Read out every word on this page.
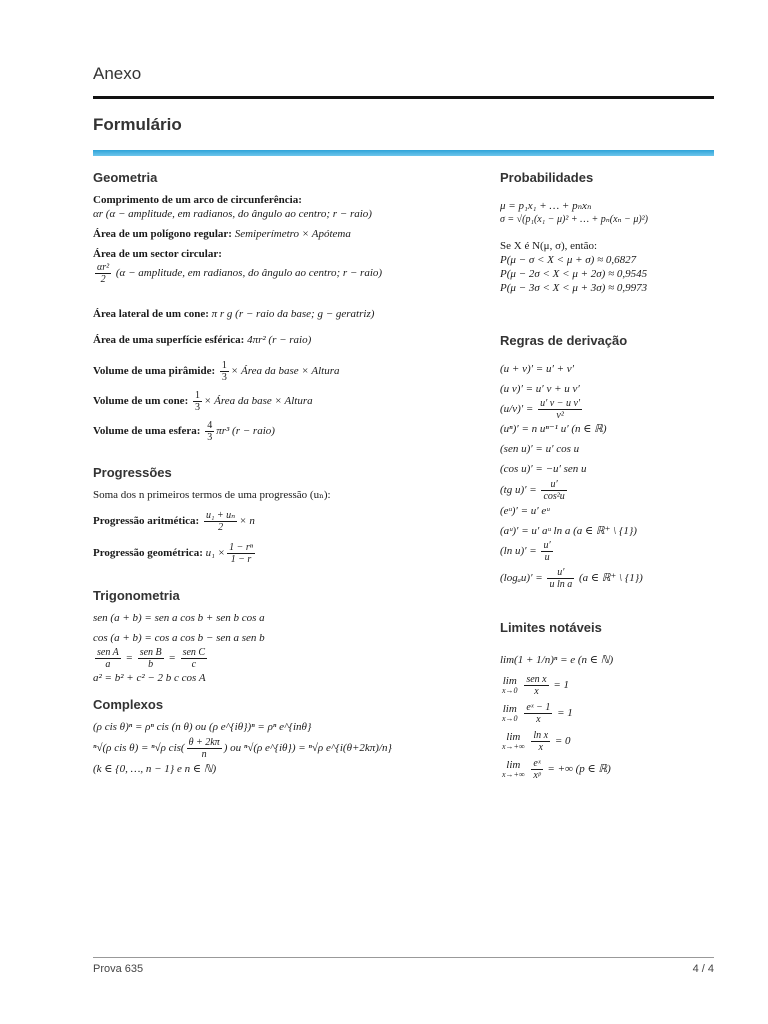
Anexo
Formulário

Geometria

Comprimento de um arco de circunferência:

αr (α − amplitude, em radianos, do ângulo ao centro; r − raio)

Área de um polígono regular: Semiperímetro × Apótema

Área de um sector circular:

$\frac{\text{αr²}}{2} (\alpha$ − amplitude, em radianos, do ângulo ao centro; r − raio)

Área lateral de um cone: π r g (r − raio da base; g − geratriz)

Área de uma superfície esférica: 4πr² (r − raio)

Volume de uma pirâmide: $\frac{1}{3}$ × Área da base × Altura

Volume de um cone: $\frac{1}{3}$ × Área da base × Altura

Volume de uma esfera: $\frac{4}{3} \pi r^3$ (r − raio)

Progressões

Soma dos n primeiros termos de uma progressão (uₙ):

Progressão aritmética: $\frac{\text{u₁ + uₙ}}{2} \times n$

Progressão geométrica: $u_1 \times \frac{\text{1 − rⁿ}}{1 - r}$

Trigonometria

sen (a + b) = sen a cos b + sen b cos a

cos (a + b) = cos a cos b − sen a sen b

$\frac{\text{sen A}}{a} = \frac{\text{sen B}}{b} = \frac{\text{sen C}}{c}$

a² = b² + c² − 2 b c cos A

Complexos

(ρ cis θ)ⁿ = ρⁿ cis (n θ) ou (ρ e^{iθ})ⁿ = ρⁿ e^{inθ}

ⁿ√(ρ cis θ) = ⁿ√ρ $cis( \frac{\theta + 2k\pi}{n}$ ) ou ⁿ√(ρ e^{iθ}) = ⁿ√ρ e^{i(θ+2kπ)/n}

(k ∈ {0, …, n − 1} e n ∈ ℕ)

Probabilidades

μ = p₁x₁ + … + pₙxₙ

σ = √(p₁(x₁ − μ)² + … + pₙ(xₙ − μ)²)

Se X é N(μ, σ), então:

P(μ − σ < X < μ + σ) ≈ 0,6827

P(μ − 2σ < X < μ + 2σ) ≈ 0,9545

P(μ − 3σ < X < μ + 3σ) ≈ 0,9973

Regras de derivação

(u + v)′ = u′ + v′

(u v)′ = u′ v + u v′

$(u/v)' = \frac{\text{u′ v − u v′}}{\text{v²}}$

(uⁿ)′ = n uⁿ⁻¹ u′ (n ∈ ℝ)

(sen u)′ = u′ cos u

(cos u)′ = −u′ sen u

(tg $u)' = \frac{u'}{\text{cos²u}}$

(eᵘ)′ = u′ eᵘ

(aᵘ)′ = u′ aᵘ ln a (a ∈ ℝ⁺ \ {1})

(ln $u)' = \frac{u'}{u}$

$(\log_au)' = \frac{u'}{\text{u ln a}} (a$ ∈ ℝ⁺ \ {1})

Limites notáveis

lim(1 + 1/n)ⁿ = e (n ∈ ℕ)

lim
x→0
$\frac{\text{sen x}}{x} = 1$

lim
x→0
$\frac{\text{eˣ − 1}}{x} = 1$

lim
x→+∞
$\frac{\text{ln x}}{x} = 0$

lim
x→+∞
$\frac{\text{eˣ}}{\text{xᵖ}}$ = +∞ (p ∈ ℝ)

Prova 635	4 / 4
